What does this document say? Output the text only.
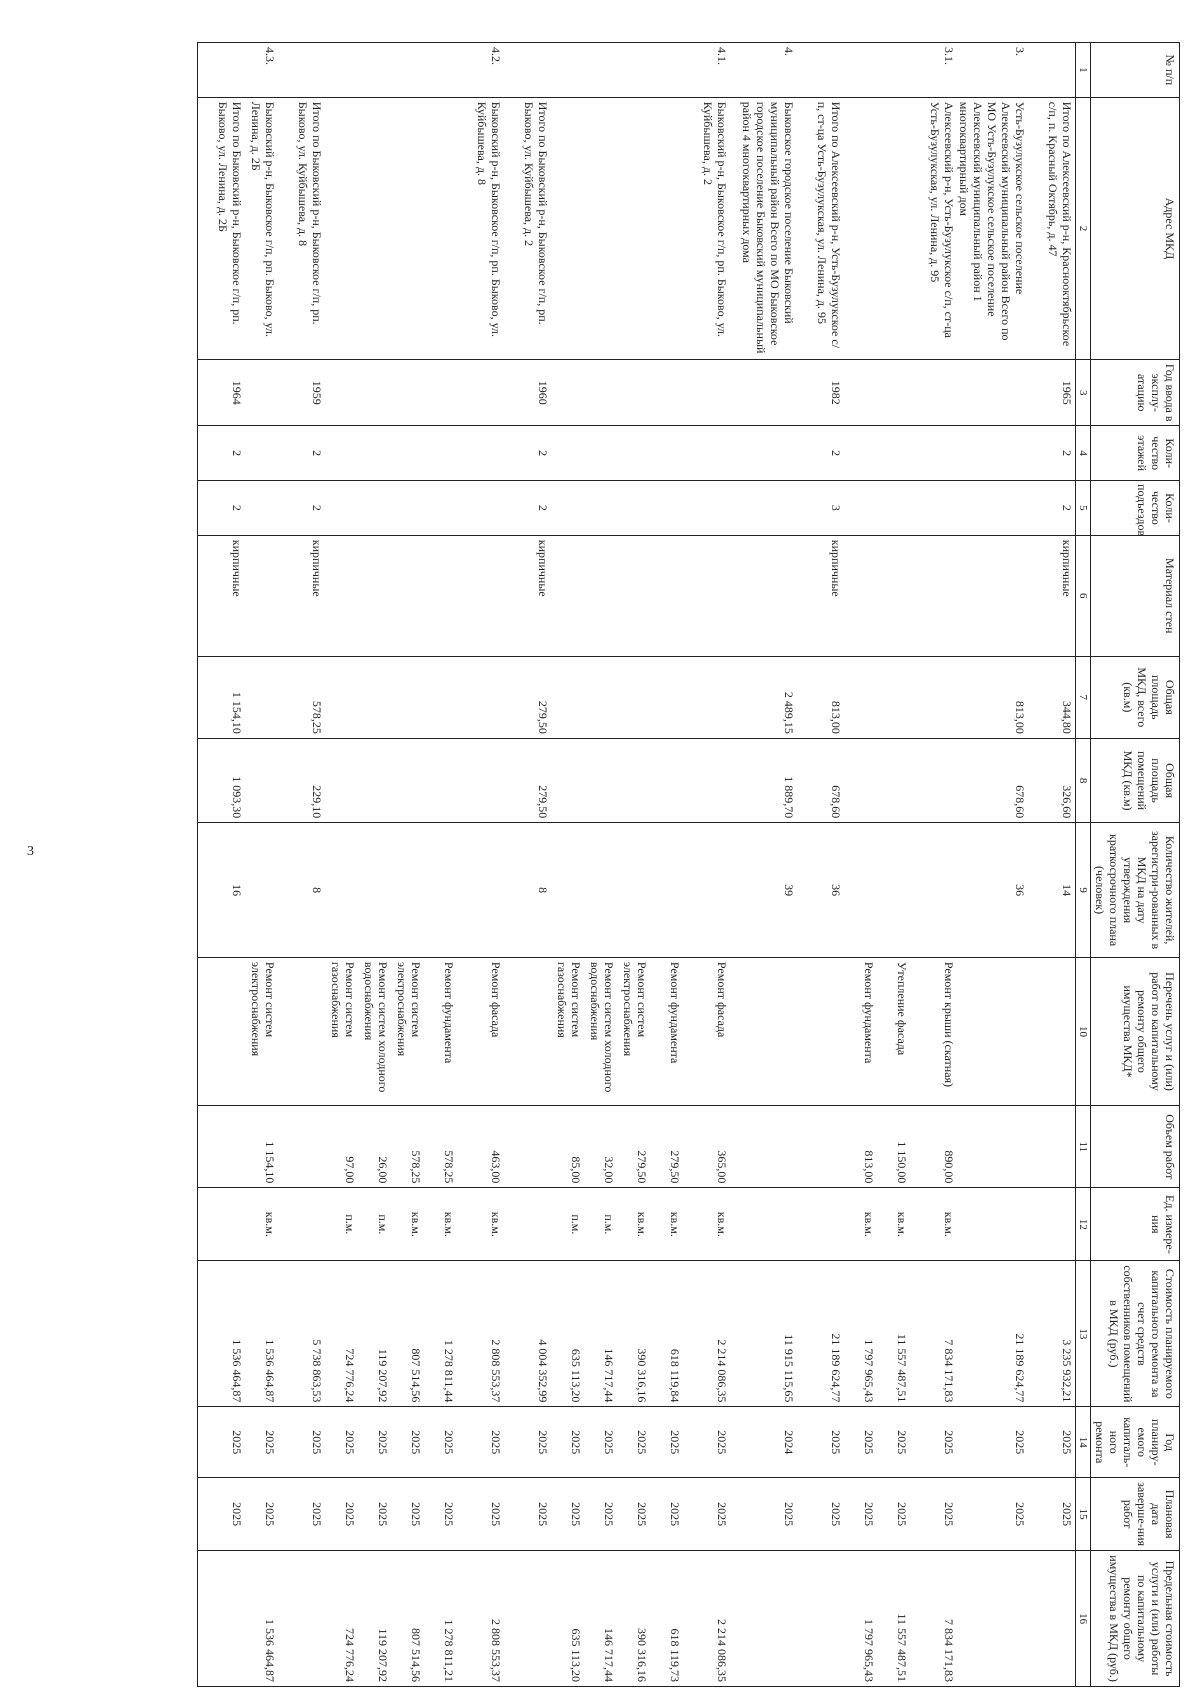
3
№ п/п	Адрес МКД	Год ввода в эксплу-атацию	Коли-чество этажей	Коли-чество подъездов	Материал стен	Общая площадь МКД, всего (кв.м)	Общая площадь помещений МКД (кв.м)	Количество жителей, зарегистри-рованных в МКД на дату утверждения краткосрочного плана (человек)	Перечень услуг и (или) работ по капитальному ремонту общего имущества МКД*	Объем работ	Ед. измере-ния	Стоимость планируемого капитального ремонта за счет средств собственников помещений в МКД (руб.)	Год планиру-емого капиталь-ного ремонта	Плановая дата заверше-ния работ	Предельная стоимость услуги и (или) работы по капитальному ремонту общего имущества в МКД (руб.)
1	2	3	4	5	6	7	8	9	10	11	12	13	14	15	16
	Итого по Алексеевский р-н, Красноoктябрьское с/п, п. Красный Октябрь, д. 47	1965	2	2	кирпичные	344,80	326,60	14				3 235 932,21	2025	2025	
3.	Усть-Бузулукское сельское поселение Алексеевский муниципальный район Всего по МО Усть-Бузулукское сельское поселение Алексеевский муниципальный район 1 многоквартирный дом					813,00	678,60	36				21 189 624,77	2025	2025	
3.1.	Алексеевский р-н, Усть-Бузулукское с/п, ст-ца Усть-Бузулукская, ул. Ленина, д. 95								Ремонт крыши (скатная)	890,00	кв.м.	7 834 171,83	2025	2025	7 834 171,83
									Утепление фасада	1 150,00	кв.м.	11 557 487,51	2025	2025	11 557 487,51
									Ремонт фундамента	813,00	кв.м.	1 797 965,43	2025	2025	1 797 965,43
	Итого по Алексеевский р-н, Усть-Бузулукское с/п, ст-ца Усть-Бузулукская, ул. Ленина, д. 95	1982	2	3	кирпичные	813,00	678,60	36				21 189 624,77	2025	2025	
4.	Быковское городское поселение Быковский муниципальный район Всего по МО Быковское городское поселение Быковский муниципальный район 4 многоквартирных дома					2 489,15	1 889,70	39				11 915 115,65	2024	2025	
4.1.	Быковский р-н, Быковское г/п, рп. Быково, ул. Куйбышева, д. 2								Ремонт фасада	365,00	кв.м.	2 214 086,35	2025	2025	2 214 086,35
									Ремонт фундамента	279,50	кв.м.	618 119,84	2025	2025	618 119,73
									Ремонт систем электроснабжения	279,50	кв.м.	390 316,16	2025	2025	390 316,16
									Ремонт систем холодного водоснабжения	32,00	п.м.	146 717,44	2025	2025	146 717,44
									Ремонт систем газоснабжения	85,00	п.м.	635 113,20	2025	2025	635 113,20
	Итого по Быковский р-н, Быковское г/п, рп. Быково, ул. Куйбышева, д. 2	1960	2	2	кирпичные	279,50	279,50	8				4 004 352,99	2025	2025	
4.2.	Быковский р-н, Быковское г/п, рп. Быково, ул. Куйбышева, д. 8								Ремонт фасада	463,00	кв.м.	2 808 553,37	2025	2025	2 808 553,37
									Ремонт фундамента	578,25	кв.м.	1 278 811,44	2025	2025	1 278 811,21
									Ремонт систем электроснабжения	578,25	кв.м.	807 514,56	2025	2025	807 514,56
									Ремонт систем холодного водоснабжения	26,00	п.м.	119 207,92	2025	2025	119 207,92
									Ремонт систем газоснабжения	97,00	п.м.	724 776,24	2025	2025	724 776,24
	Итого по Быковский р-н, Быковское г/п, рп. Быково, ул. Куйбышева, д. 8	1959	2	2	кирпичные	578,25	229,10	8				5 738 863,53	2025	2025	
4.3.	Быковский р-н, Быковское г/п, рп. Быково, ул. Ленина, д. 2Б								Ремонт систем электроснабжения	1 154,10	кв.м.	1 536 464,87	2025	2025	1 536 464,87
	Итого по Быковский р-н, Быковское г/п, рп. Быково, ул. Ленина, д. 2Б	1964	2	2	кирпичные	1 154,10	1 093,30	16				1 536 464,87	2025	2025	
